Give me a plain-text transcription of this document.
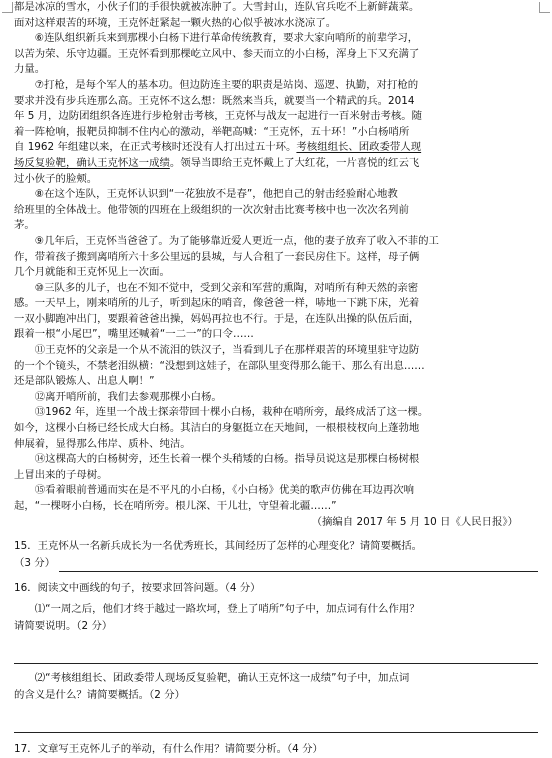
都是冰凉的雪水，小伙子们的手很快就被冻肿了。大雪封山，连队官兵吃不上新鲜蔬菜。
面对这样艰苦的环境，王克怀赶紧起一颗火热的心似乎被冰水浇凉了。
⑥连队组织新兵来到那棵小白杨下进行革命传统教育，要求大家向哨所的前辈学习，
以苦为荣、乐守边疆。王克怀看到那棵屹立风中、参天而立的小白杨，浑身上下又充满了
力量。
⑦打枪，是每个军人的基本功。但边防连主要的职责是站岗、巡逻、执勤，对打枪的
要求并没有步兵连那么高。王克怀不这么想：既然来当兵，就要当一个精武的兵。2014
年 5 月，边防团组织各连进行步枪射击考核，王克怀与战友一起进行一百米射击考核。随
着一阵枪响，报靶员抑制不住内心的激动，举靶高喊：“王克怀，五十环！”小白杨哨所
自 1962 年组建以来，在正式考核时还没有人打出过五十环。考核组组长、团政委带人现
场反复验靶，确认王克怀这一成绩。领导当即给王克怀戴上了大红花，一片喜悦的红云飞
过小伙子的脸颊。
⑧在这个连队，王克怀认识到“一花独放不是春”，他把自己的射击经验耐心地教
给班里的全体战士。他带领的四班在上级组织的一次次射击比赛考核中也一次次名列前
茅。
⑨几年后，王克怀当爸爸了。为了能够靠近爱人更近一点，他的妻子放弃了收入不菲的工
作，带着孩子搬到离哨所六十多公里远的县城，与人合租了一套民房住下。这样，母子俩
几个月就能和王克怀见上一次面。
⑩三队多的儿子，也在不知不觉中，受到父亲和军营的熏陶，对哨所有种天然的亲密
感。一天早上，刚来哨所的儿子，听到起床的哨音，像爸爸一样，哧地一下跳下床，光着
一双小脚跑冲出门，要跟着爸爸出操，妈妈再拉也不行。于是，在连队出操的队伍后面，
跟着一根“小尾巴”，嘴里还喊着“一二一”的口令……
⑪王克怀的父亲是一个从不流泪的铁汉子，当看到儿子在那样艰苦的环境里驻守边防
的一个个镜头，不禁老泪纵横：“没想到这娃子，在部队里变得那么能干、那么有出息……
还是部队锻炼人、出息人啊！”
⑫离开哨所前，我们去参观那棵小白杨。
⑬1962 年，连里一个战士探亲带回十棵小白杨，栽种在哨所旁，最终成活了这一棵。
如今，这棵小白杨已经长成大白杨。其洁白的身躯挺立在天地间，一根根枝杈向上蓬勃地
伸展着，显得那么伟岸、质朴、纯洁。
⑭这棵高大的白杨树旁，还生长着一棵个头稍矮的白杨。指导员说这是那棵白杨树根
上冒出来的子母树。
⑮看着眼前普通而实在是不平凡的小白杨，《小白杨》优美的歌声仿佛在耳边再次响
起，“一棵呀小白杨，长在哨所旁。根儿深、干儿壮，守望着北疆……”
（摘编自 2017 年 5 月 10 日《人民日报》）
15．王克怀从一名新兵成长为一名优秀班长，其间经历了怎样的心理变化？请简要概括。
（3 分）
16．阅读文中画线的句子，按要求回答问题。（4 分）
⑴“一周之后，他们才终于越过一路坎坷，登上了哨所”句子中，加点词有什么作用？
请简要说明。（2 分）
⑵“考核组组长、团政委带人现场反复验靶，确认王克怀这一成绩”句子中，加点词
的含义是什么？请简要概括。（2 分）
17．文章写王克怀儿子的举动，有什么作用？请简要分析。（4 分）
